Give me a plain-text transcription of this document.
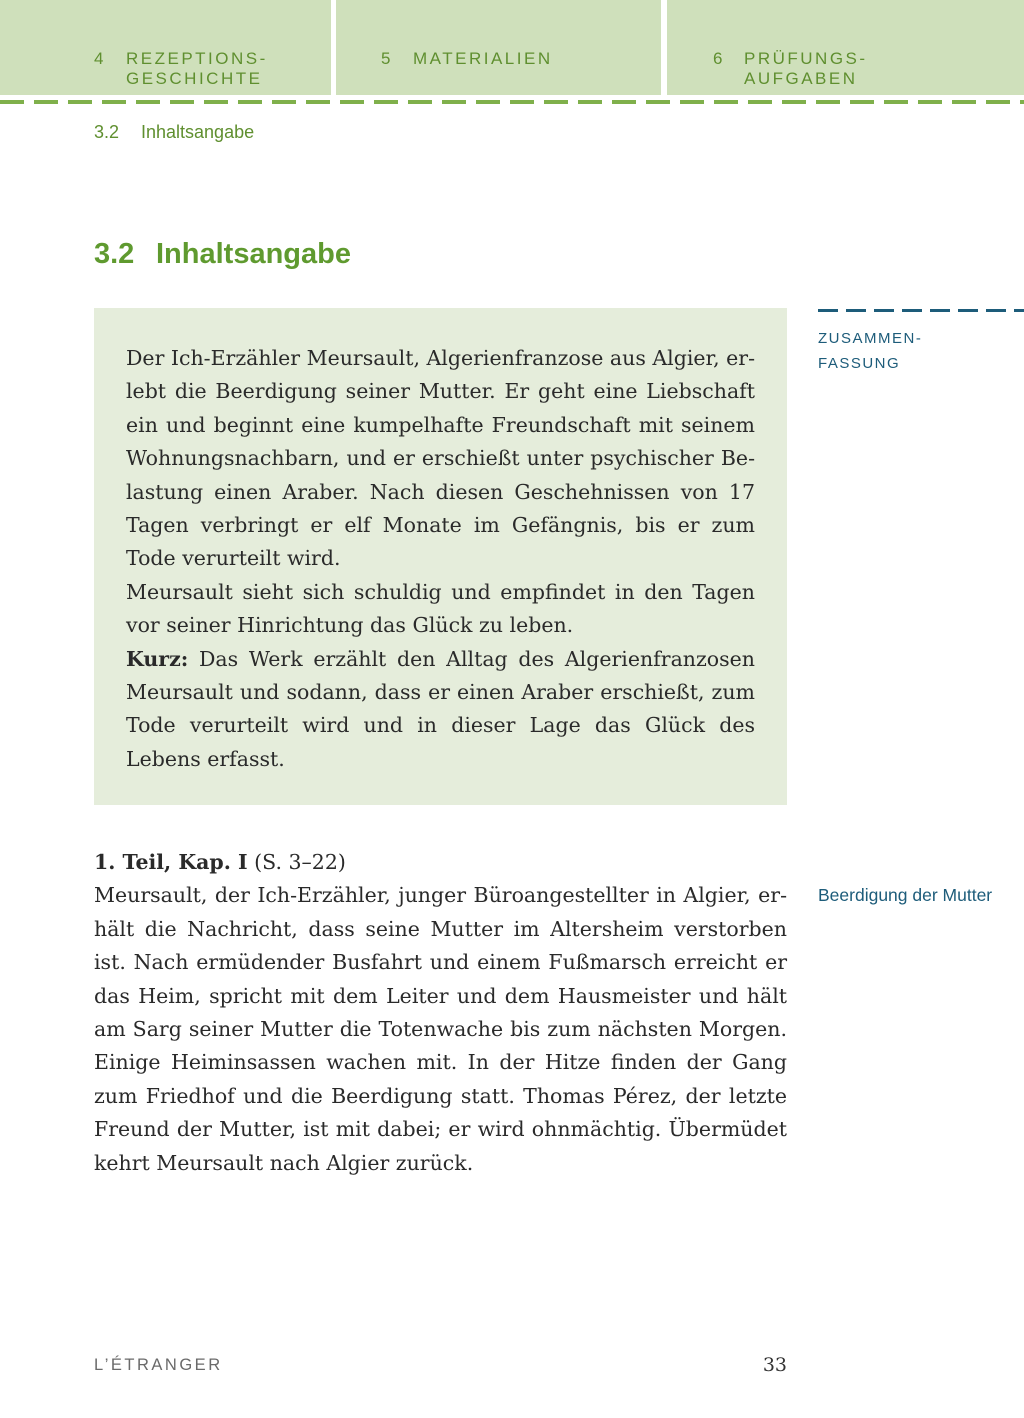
4 REZEPTIONS-
GESCHICHTE
5 MATERIALIEN	6 PRÜFUNGS-
AUFGABEN
3.2 Inhaltsangabe
3.2 Inhaltsangabe

Der Ich-Erzähler Meursault, Algerienfranzose aus Algier, erlebt die Beerdigung seiner Mutter. Er geht eine Liebschaft ein und beginnt eine kumpelhafte Freundschaft mit seinem Wohnungsnachbarn, und er erschießt unter psychischer Belastung einen Araber. Nach diesen Geschehnissen von 17 Tagen verbringt er elf Monate im Gefängnis, bis er zum Tode verurteilt wird.

Meursault sieht sich schuldig und empfindet in den Tagen vor seiner Hinrichtung das Glück zu leben.

Kurz: Das Werk erzählt den Alltag des Algerienfranzosen Meursault und sodann, dass er einen Araber erschießt, zum Tode verurteilt wird und in dieser Lage das Glück des Lebens erfasst.

ZUSAMMEN-
FASSUNG
Beerdigung der Mutter

1. Teil, Kap. I (S. 3–22)

Meursault, der Ich-Erzähler, junger Büroangestellter in Algier, erhält die Nachricht, dass seine Mutter im Altersheim verstorben ist. Nach ermüdender Busfahrt und einem Fußmarsch erreicht er das Heim, spricht mit dem Leiter und dem Hausmeister und hält am Sarg seiner Mutter die Totenwache bis zum nächsten Morgen. Einige Heiminsassen wachen mit. In der Hitze finden der Gang zum Friedhof und die Beerdigung statt. Thomas Pérez, der letzte Freund der Mutter, ist mit dabei; er wird ohnmächtig. Übermüdet kehrt Meursault nach Algier zurück.

L’ÉTRANGER	33
